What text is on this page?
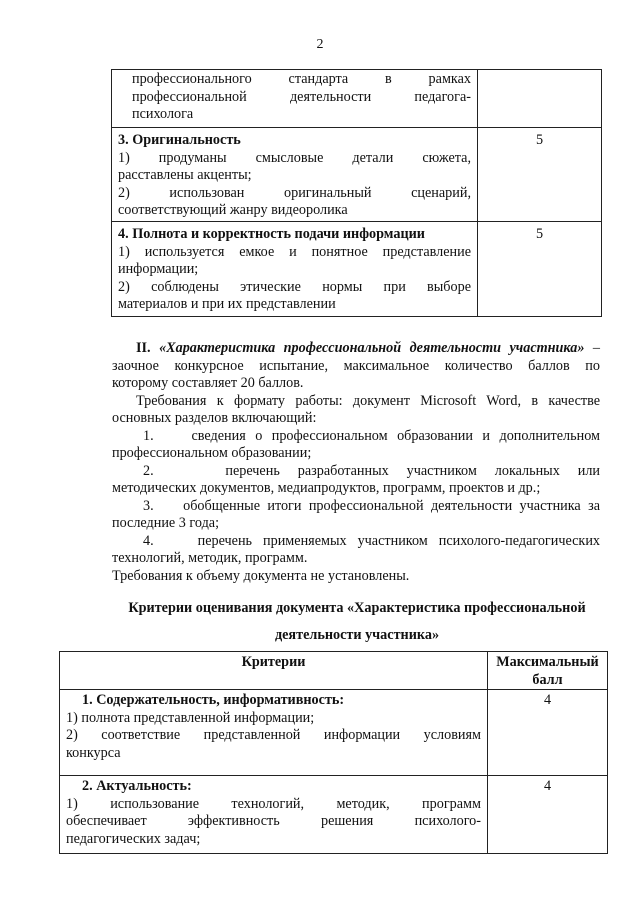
2
профессионального стандарта в рамках
профессиональной деятельности педагога-
психолога	

3. Оригинальность
1) продуманы смысловые детали сюжета,
расставлены акценты;
2) использован оригинальный сценарий,
соответствующий жанру видеоролика	5

4. Полнота и корректность подачи информации
1) используется емкое и понятное представление
информации;
2) соблюдены этические нормы при выборе
материалов и при их представлении	5
II. «Характеристика профессиональной деятельности участника» –
заочное конкурсное испытание, максимальное количество баллов по
которому составляет 20 баллов.
Требования к формату работы: документ Microsoft Word, в качестве
основных разделов включающий:
1.	сведения о профессиональном образовании и дополнительном
профессиональном образовании;
2.	перечень разработанных участником локальных или
методических документов, медиапродуктов, программ, проектов и др.;
3. обобщенные итоги профессиональной деятельности участника за
последние 3 года;
4.	перечень применяемых участником психолого-педагогических
технологий, методик, программ.
Требования к объему документа не установлены.
Критерии оценивания документа «Характеристика профессиональной
деятельности участника»
Критерии	Максимальный
балл

1. Содержательность, информативность:
1) полнота представленной информации;
2) соответствие представленной информации условиям
конкурса	4

2. Актуальность:
1) использование технологий, методик, программ
обеспечивает эффективность решения психолого-
педагогических задач;	4
